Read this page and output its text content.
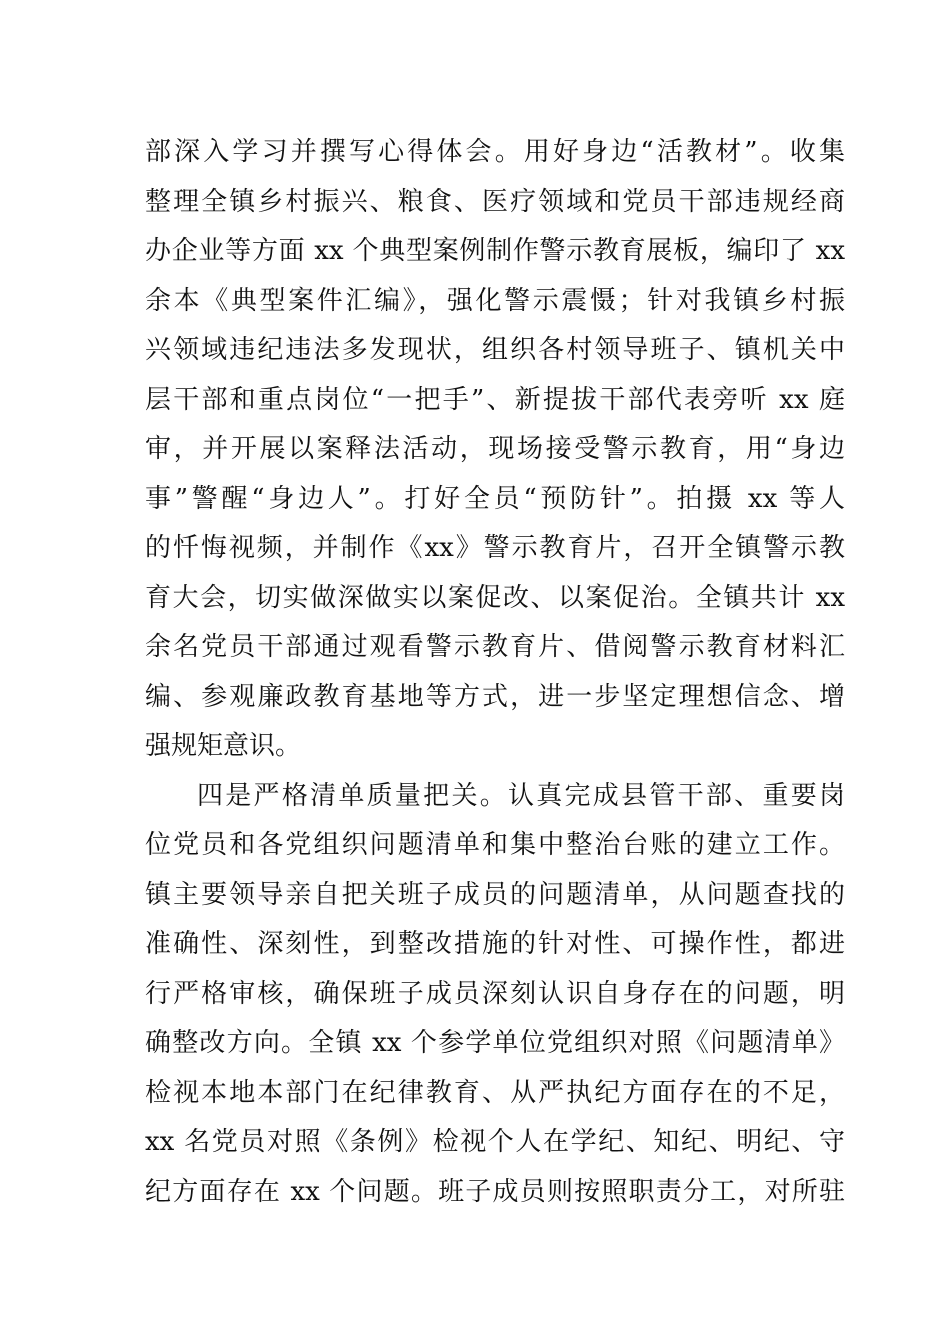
部深入学习并撰写心得体会。用好身边“活教材”。收集
整理全镇乡村振兴、粮食、医疗领域和党员干部违规经商
办企业等方面 xx 个典型案例制作警示教育展板，编印了 xx
余本《典型案件汇编》，强化警示震慑；针对我镇乡村振
兴领域违纪违法多发现状，组织各村领导班子、镇机关中
层干部和重点岗位“一把手”、新提拔干部代表旁听 xx 庭
审，并开展以案释法活动，现场接受警示教育，用“身边
事”警醒“身边人”。打好全员“预防针”。拍摄 xx 等人
的忏悔视频，并制作《xx》警示教育片，召开全镇警示教
育大会，切实做深做实以案促改、以案促治。全镇共计 xx
余名党员干部通过观看警示教育片、借阅警示教育材料汇
编、参观廉政教育基地等方式，进一步坚定理想信念、增
强规矩意识。
四是严格清单质量把关。认真完成县管干部、重要岗
位党员和各党组织问题清单和集中整治台账的建立工作。
镇主要领导亲自把关班子成员的问题清单，从问题查找的
准确性、深刻性，到整改措施的针对性、可操作性，都进
行严格审核，确保班子成员深刻认识自身存在的问题，明
确整改方向。全镇 xx 个参学单位党组织对照《问题清单》
检视本地本部门在纪律教育、从严执纪方面存在的不足，
xx 名党员对照《条例》检视个人在学纪、知纪、明纪、守
纪方面存在 xx 个问题。班子成员则按照职责分工，对所驻
